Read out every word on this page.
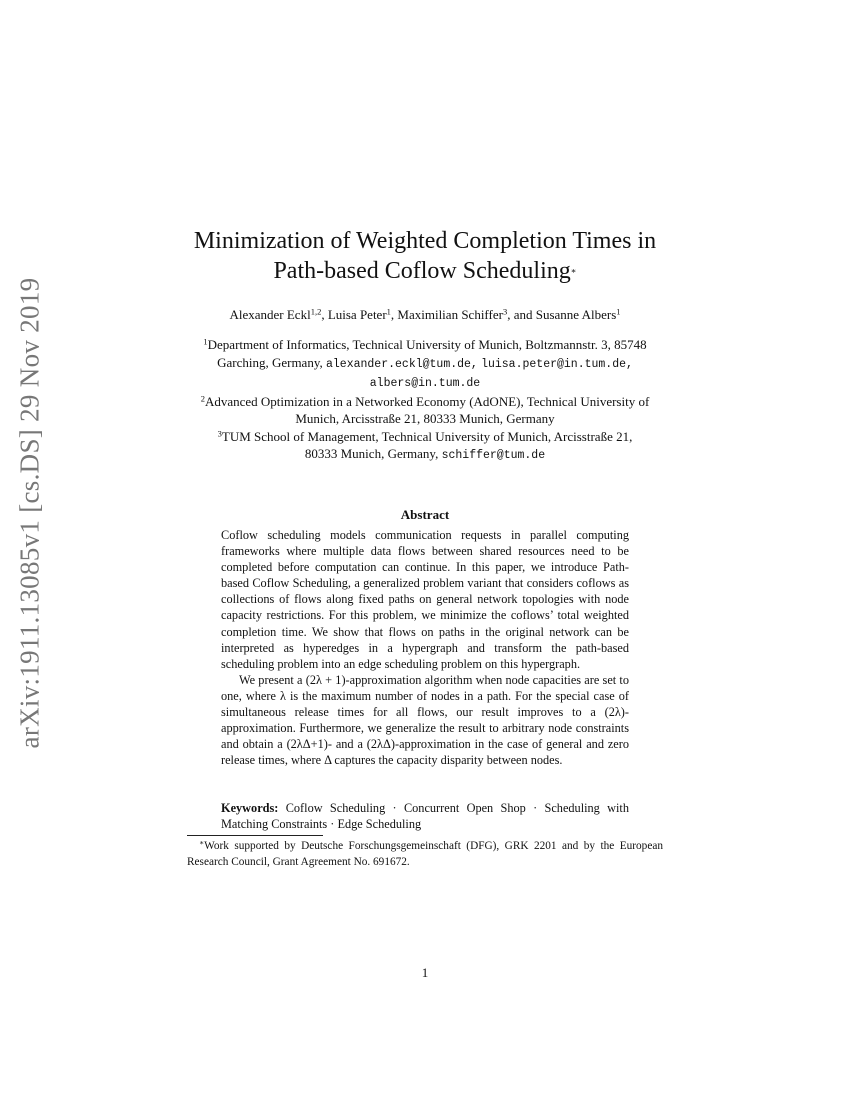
arXiv:1911.13085v1 [cs.DS] 29 Nov 2019
Minimization of Weighted Completion Times in
Path-based Coflow Scheduling∗
Alexander Eckl$^{1,2}$, Luisa Peter$^1$, Maximilian Schiffer$^3$, and Susanne Albers$^1$
$^1$Department of Informatics, Technical University of Munich, Boltzmannstr. 3, 85748
Garching, Germany, alexander.eckl@tum.de, luisa.peter@in.tum.de,
albers@in.tum.de
$^2$Advanced Optimization in a Networked Economy (AdONE), Technical University of
Munich, Arcisstraße 21, 80333 Munich, Germany
$^3$TUM School of Management, Technical University of Munich, Arcisstraße 21,
80333 Munich, Germany, schiffer@tum.de
Abstract

Coflow scheduling models communication requests in parallel computing frameworks where multiple data flows between shared resources need to be completed before computation can continue. In this paper, we introduce Path-based Coflow Scheduling, a generalized problem variant that considers coflows as collections of flows along fixed paths on general network topologies with node capacity restrictions. For this problem, we minimize the coflows’ total weighted completion time. We show that flows on paths in the original network can be interpreted as hyperedges in a hypergraph and transform the path-based scheduling problem into an edge scheduling problem on this hypergraph.

We present a (2λ + 1)-approximation algorithm when node capacities are set to one, where λ is the maximum number of nodes in a path. For the special case of simultaneous release times for all flows, our result improves to a (2λ)-approximation. Furthermore, we generalize the result to arbitrary node constraints and obtain a (2λΔ+1)- and a (2λΔ)-approximation in the case of general and zero release times, where Δ captures the capacity disparity between nodes.

Keywords: Coflow Scheduling · Concurrent Open Shop · Scheduling with Matching Constraints · Edge Scheduling
∗Work supported by Deutsche Forschungsgemeinschaft (DFG), GRK 2201 and by the European Research Council, Grant Agreement No. 691672.
1
